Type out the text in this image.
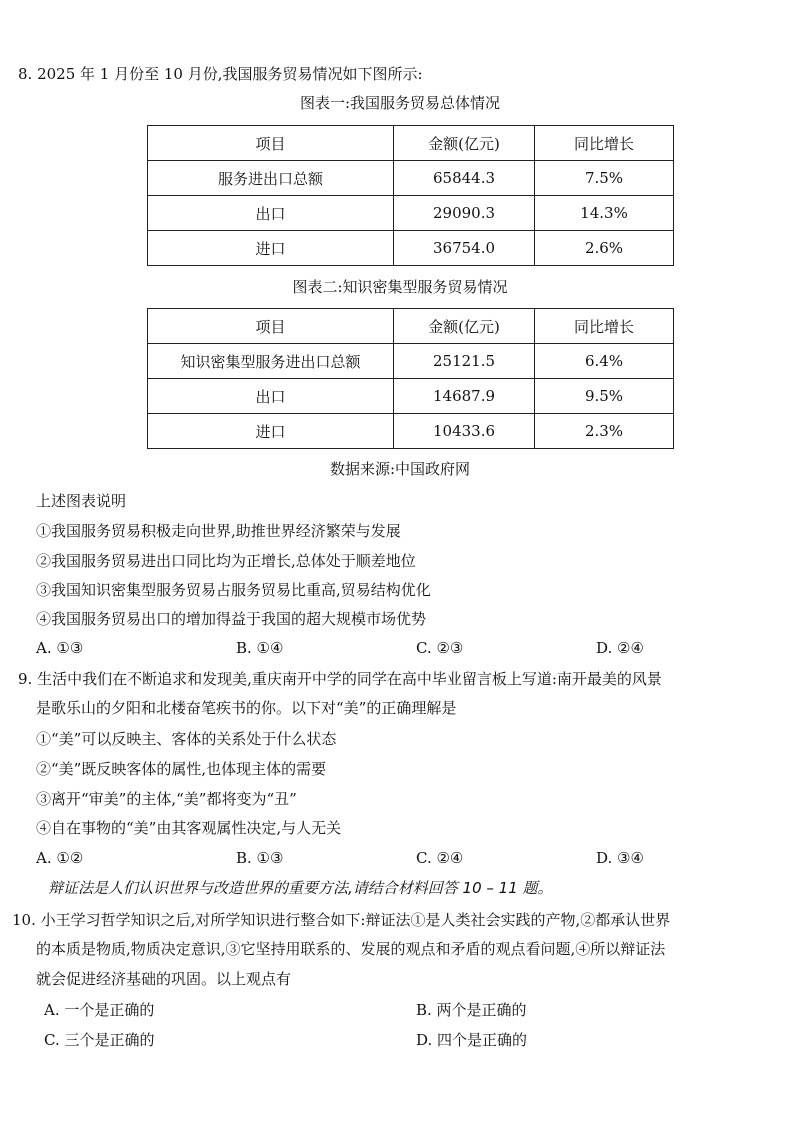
8. 2025 年 1 月份至 10 月份,我国服务贸易情况如下图所示:
图表一:我国服务贸易总体情况
项目	金额(亿元)	同比增长
服务进出口总额	65844.3	7.5%
出口	29090.3	14.3%
进口	36754.0	2.6%
图表二:知识密集型服务贸易情况
项目	金额(亿元)	同比增长
知识密集型服务进出口总额	25121.5	6.4%
出口	14687.9	9.5%
进口	10433.6	2.3%
数据来源:中国政府网
上述图表说明
①我国服务贸易积极走向世界,助推世界经济繁荣与发展
②我国服务贸易进出口同比均为正增长,总体处于顺差地位
③我国知识密集型服务贸易占服务贸易比重高,贸易结构优化
④我国服务贸易出口的增加得益于我国的超大规模市场优势
A. ①③	B. ①④	C. ②③	D. ②④
9. 生活中我们在不断追求和发现美,重庆南开中学的同学在高中毕业留言板上写道:南开最美的风景
是歌乐山的夕阳和北楼奋笔疾书的你。以下对“美”的正确理解是
①“美”可以反映主、客体的关系处于什么状态
②“美”既反映客体的属性,也体现主体的需要
③离开“审美”的主体,“美”都将变为“丑”
④自在事物的“美”由其客观属性决定,与人无关
A. ①②	B. ①③	C. ②④	D. ③④
辩证法是人们认识世界与改造世界的重要方法,请结合材料回答 10 – 11 题。
10. 小王学习哲学知识之后,对所学知识进行整合如下:辩证法①是人类社会实践的产物,②都承认世界
的本质是物质,物质决定意识,③它坚持用联系的、发展的观点和矛盾的观点看问题,④所以辩证法
就会促进经济基础的巩固。以上观点有
A. 一个是正确的	B. 两个是正确的
C. 三个是正确的	D. 四个是正确的
